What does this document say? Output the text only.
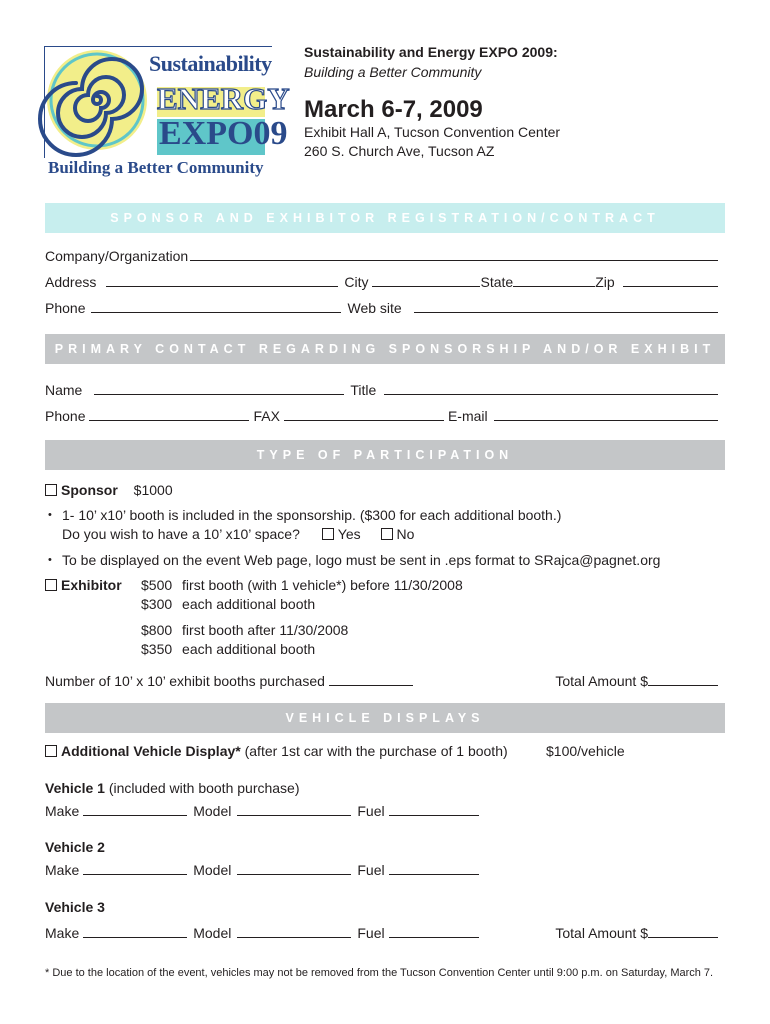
Sustainability
ENERGY
EXPO09
Building a Better Community
Sustainability and Energy EXPO 2009:
Building a Better Community
March 6-7, 2009
Exhibit Hall A, Tucson Convention Center
260 S. Church Ave, Tucson AZ
SPONSOR AND EXHIBITOR REGISTRATION/CONTRACT
Company/Organization
Address	City	State	Zip
Phone	Web site
PRIMARY CONTACT REGARDING SPONSORSHIP AND/OR EXHIBIT
Name	Title
Phone	FAX	E-mail
TYPE OF PARTICIPATION
Sponsor $1000
• 1- 10’ x10’ booth is included in the sponsorship. ($300 for each additional booth.)
Do you wish to have a 10’ x10’ space?	Yes	No
• To be displayed on the event Web page, logo must be sent in .eps format to SRajca@pagnet.org
Exhibitor $500 first booth (with 1 vehicle*) before 11/30/2008
$300 each additional booth
$800 first booth after 11/30/2008
$350 each additional booth
Number of 10’ x 10’ exhibit booths purchased	Total Amount $
VEHICLE DISPLAYS
Additional Vehicle Display* (after 1st car with the purchase of 1 booth)	$100/vehicle
Vehicle 1 (included with booth purchase)
Make	Model	Fuel
Vehicle 2
Make	Model	Fuel
Vehicle 3
Make	Model	Fuel	Total Amount $
* Due to the location of the event, vehicles may not be removed from the Tucson Convention Center until 9:00 p.m. on Saturday, March 7.
